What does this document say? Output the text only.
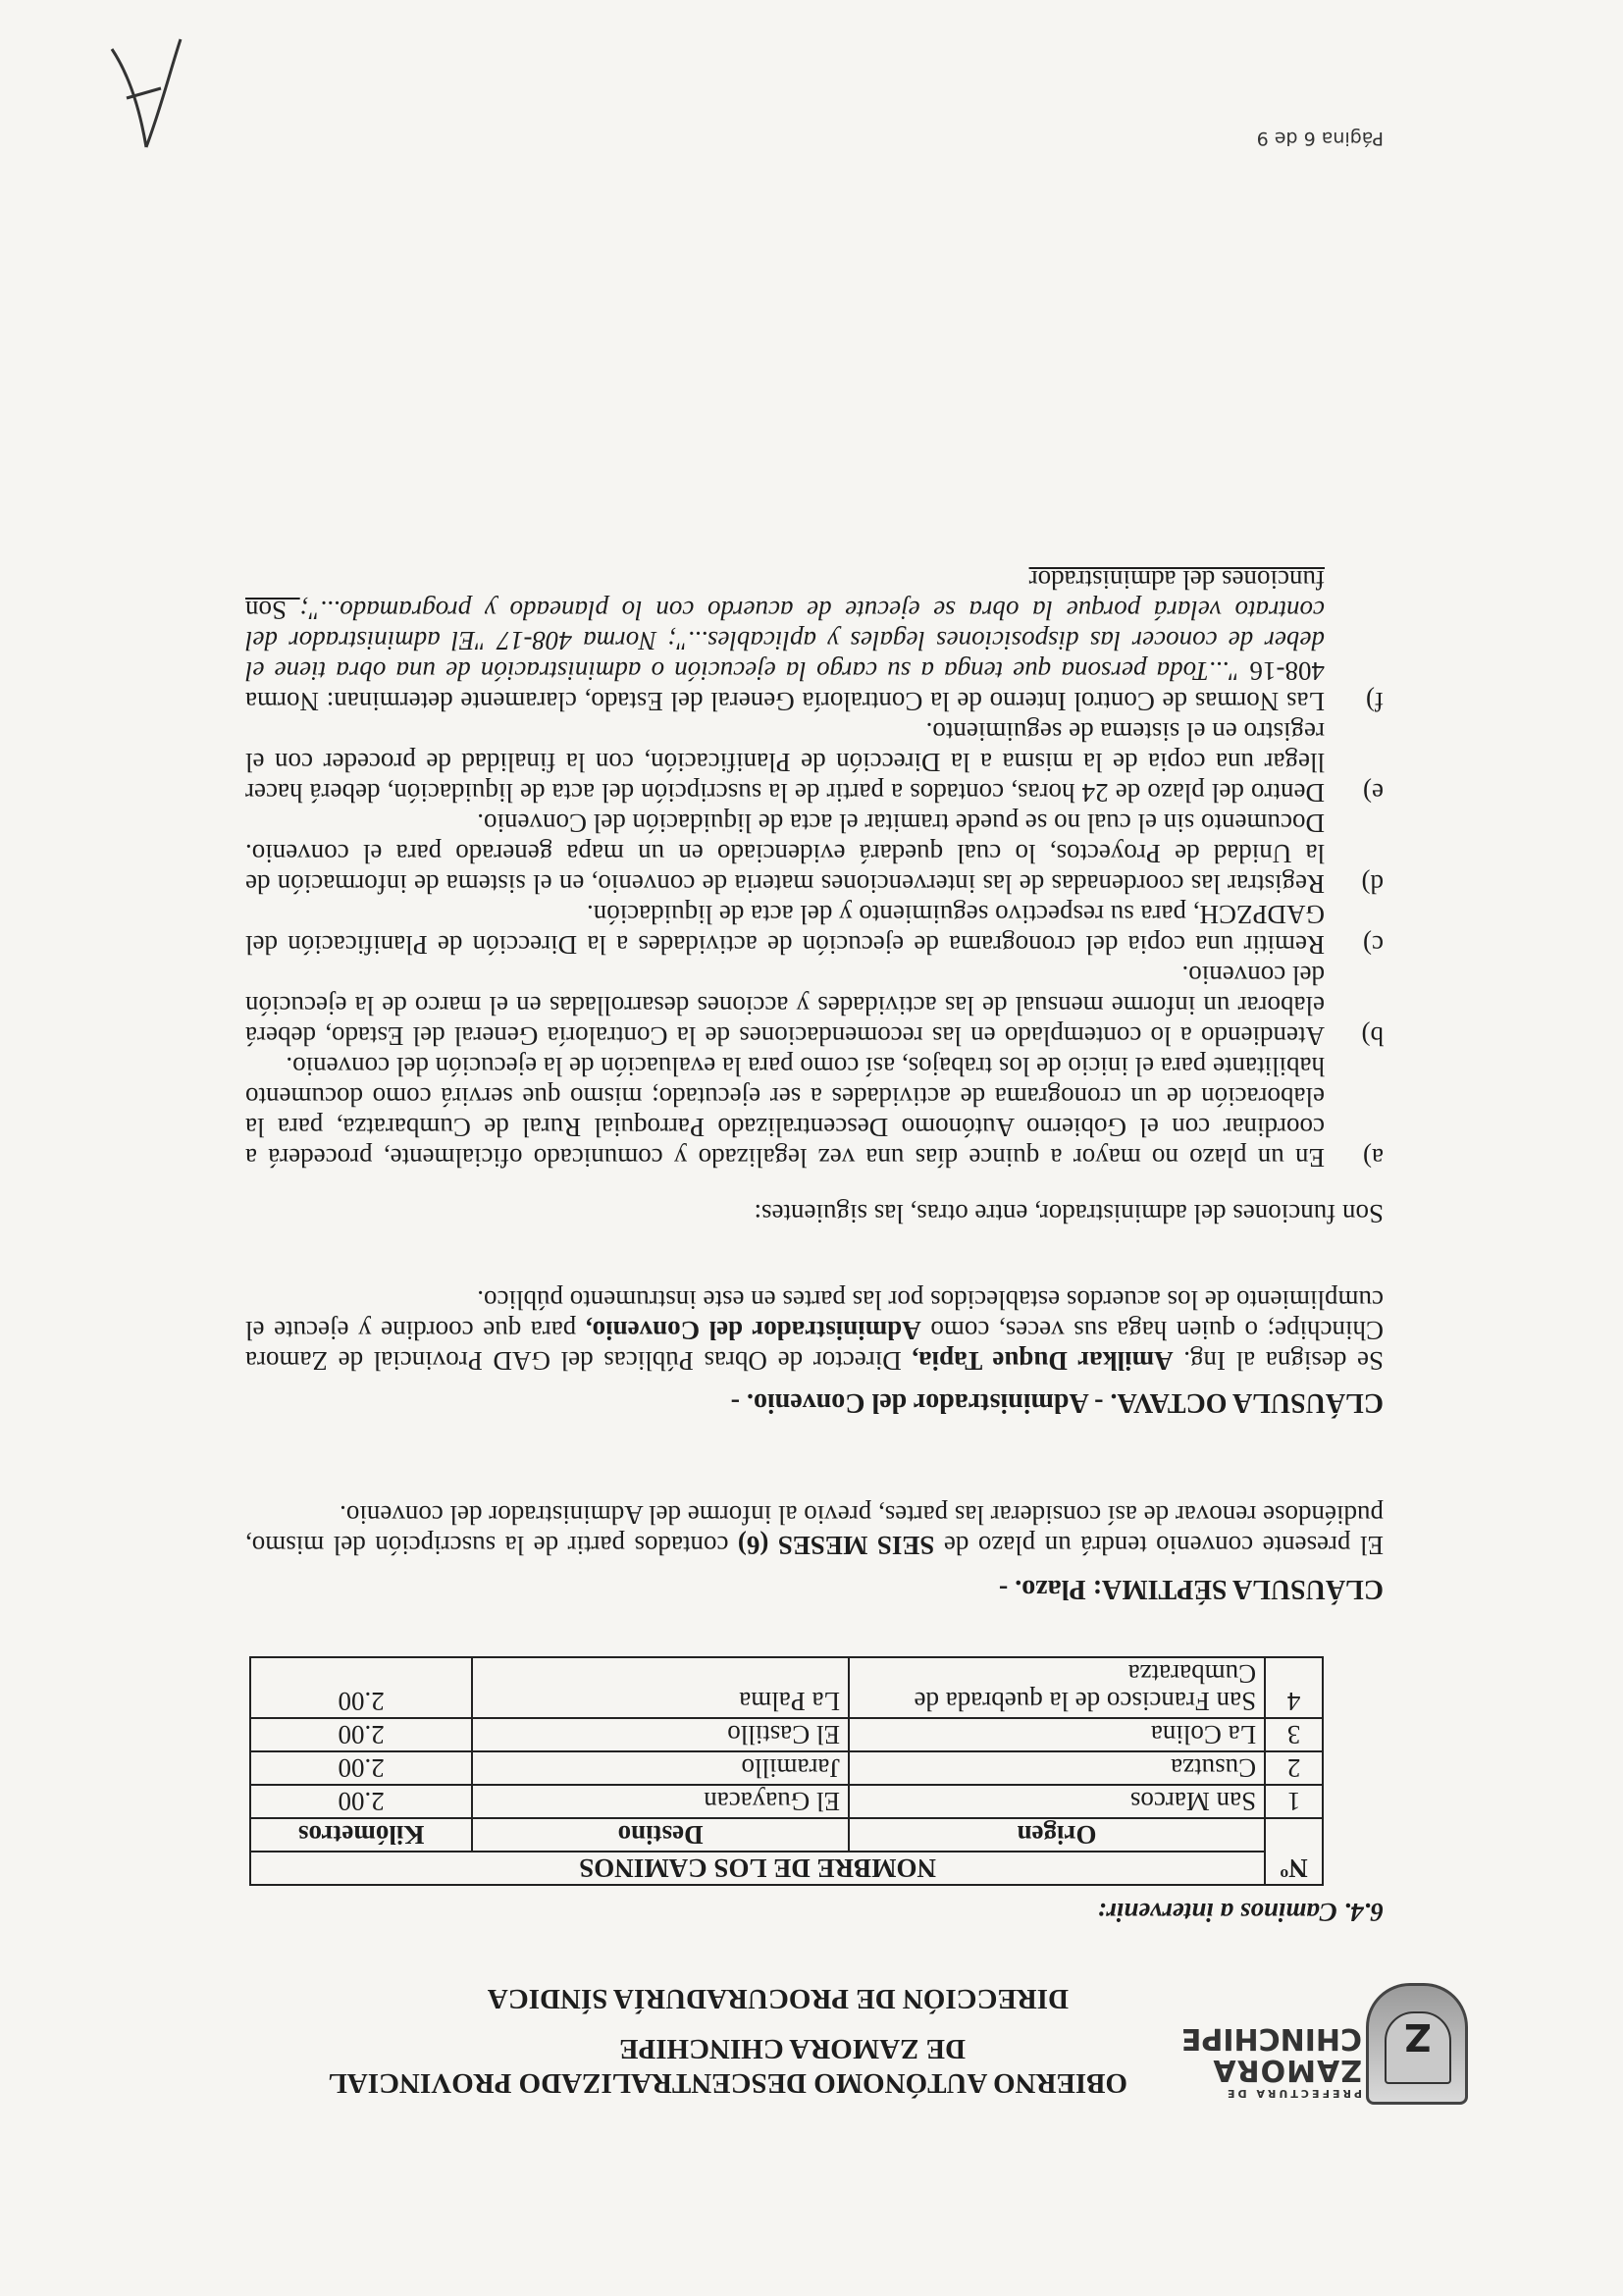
Z
PREFECTURA DE
ZAMORA
CHINCHIPE
OBIERNO AUTÓNOMO DESCENTRALIZADO PROVINCIAL
DE ZAMORA CHINCHIPE
DIRECCIÓN DE PROCURADURÍA SÍNDICA
6.4. Caminos a intervenir:
Nº	NOMBRE DE LOS CAMINOS		
	Origen	Destino	Kilómetros
1	San Marcos	El Guayacan	2.00
2	Cusutza	Jaramillo	2.00
3	La Colina	El Castillo	2.00
4	San Francisco de la quebrada de Cumbaratza	La Palma	2.00
CLÁUSULA SÉPTIMA: Plazo. -
El presente convenio tendrá un plazo de SEIS MESES (6) contados partir de la suscripción del mismo, pudiéndose renovar de así considerar las partes, previo al informe del Administrador del convenio.
CLÁUSULA OCTAVA. - Administrador del Convenio. -
Se designa al Ing. Amilkar Duque Tapia, Director de Obras Públicas del GAD Provincial de Zamora Chinchipe; o quien haga sus veces, como Administrador del Convenio, para que coordine y ejecute el cumplimiento de los acuerdos establecidos por las partes en este instrumento público.
Son funciones del administrador, entre otras, las siguientes:
a)
En un plazo no mayor a quince días una vez legalizado y comunicado oficialmente, procederá a coordinar con el Gobierno Autónomo Descentralizado Parroquial Rural de Cumbaratza, para la elaboración de un cronograma de actividades a ser ejecutado; mismo que servirá como documento habilitante para el inicio de los trabajos, así como para la evaluación de la ejecución del convenio.
b)
Atendiendo a lo contemplado en las recomendaciones de la Contraloría General del Estado, deberá elaborar un informe mensual de las actividades y acciones desarrolladas en el marco de la ejecución del convenio.
c)
Remitir una copia del cronograma de ejecución de actividades a la Dirección de Planificación del GADPZCH, para su respectivo seguimiento y del acta de liquidación.
d)
Registrar las coordenadas de las intervenciones materia de convenio, en el sistema de información de la Unidad de Proyectos, lo cual quedará evidenciado en un mapa generado para el convenio. Documento sin el cual no se puede tramitar el acta de liquidación del Convenio.
e)
Dentro del plazo de 24 horas, contados a partir de la suscripción del acta de liquidación, deberá hacer llegar una copia de la misma a la Dirección de Planificación, con la finalidad de proceder con el registro en el sistema de seguimiento.
f)
Las Normas de Control Interno de la Contraloría General del Estado, claramente determinan: Norma 408-16 "...Toda persona que tenga a su cargo la ejecución o administración de una obra tiene el deber de conocer las disposiciones legales y aplicables..."; Norma 408-17 "El administrador del contrato velará porque la obra se ejecute de acuerdo con lo planeado y programado..."; Son funciones del administrador
Página 6 de 9
